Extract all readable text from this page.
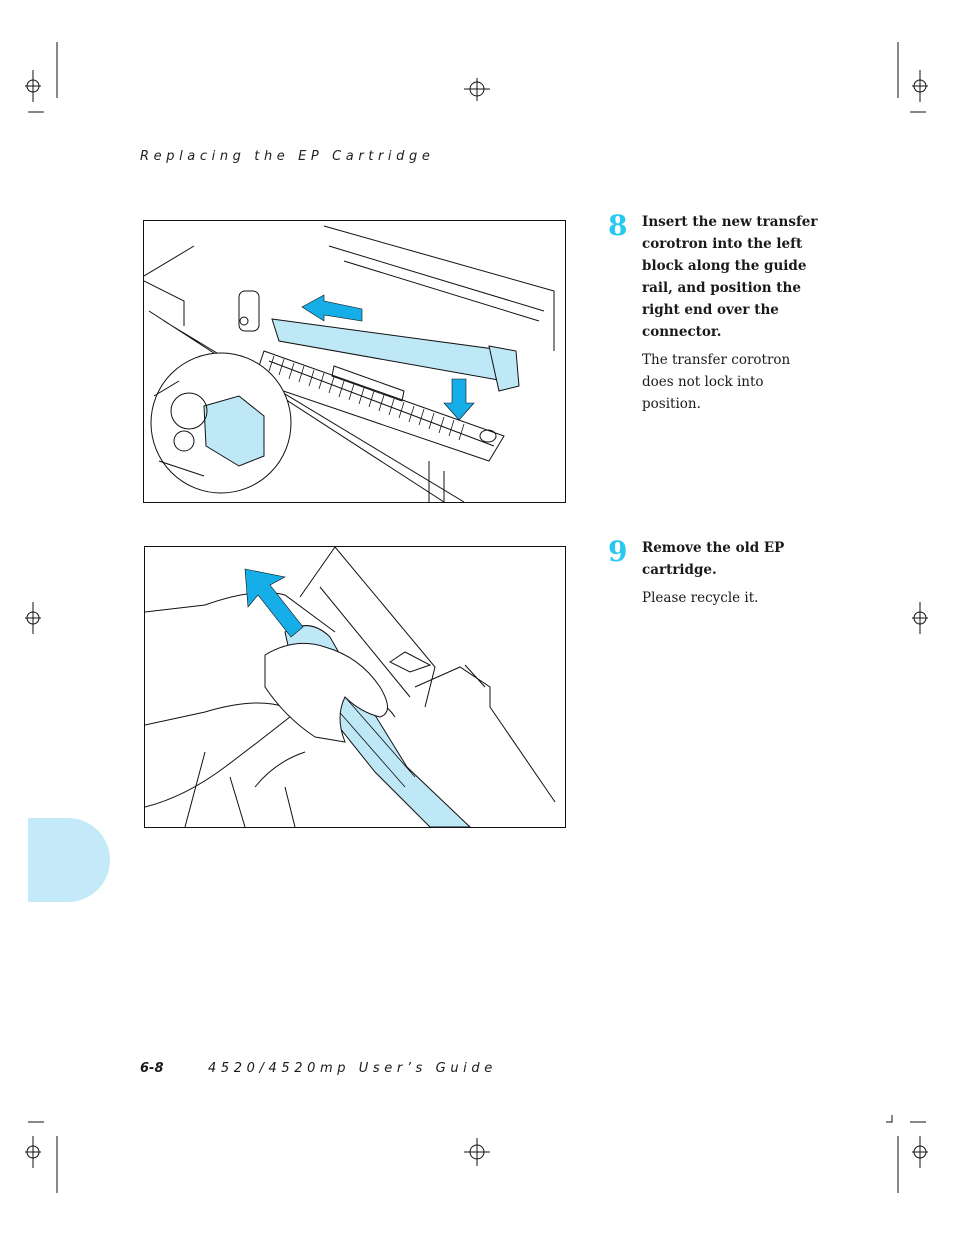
Replacing the EP Cartridge
8 Insert the new transfer corotron into the left block along the guide rail, and position the right end over the connector.
The transfer corotron does not lock into position.
9 Remove the old EP cartridge.
Please recycle it.
6-8	4520/4520mp User’s Guide
